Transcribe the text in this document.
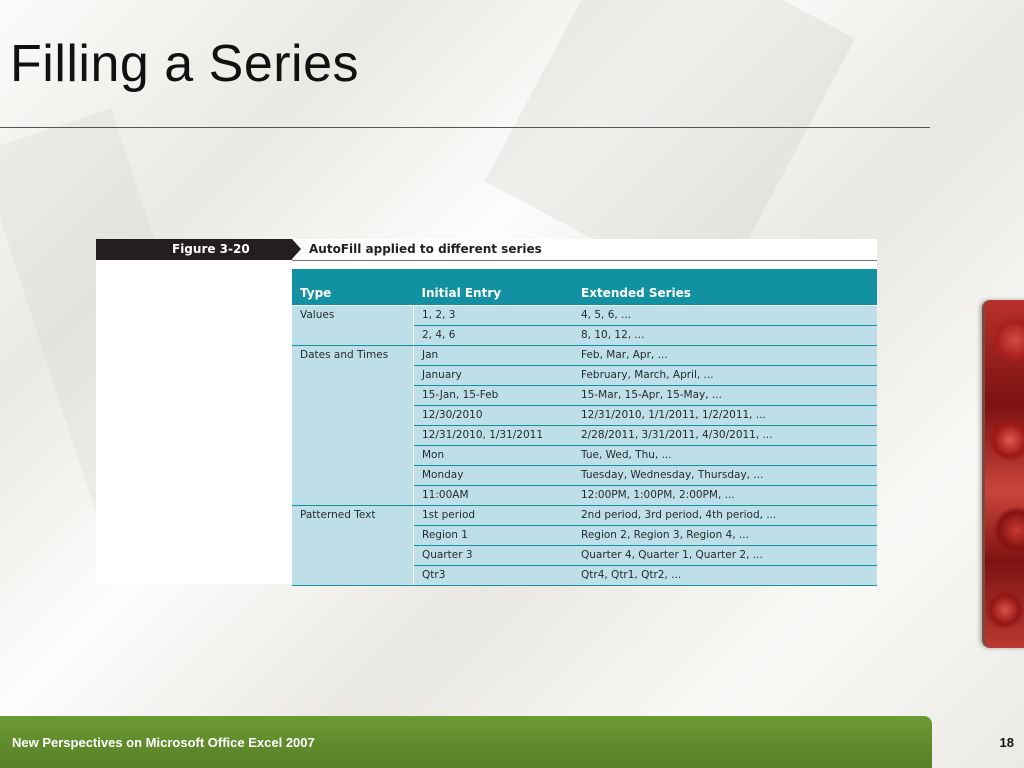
Filling a Series
Figure 3-20	AutoFill applied to different series
Type	Initial Entry	Extended Series
Values	1, 2, 3	4, 5, 6, ...
	2, 4, 6	8, 10, 12, ...
Dates and Times	Jan	Feb, Mar, Apr, ...
	January	February, March, April, ...
	15-Jan, 15-Feb	15-Mar, 15-Apr, 15-May, ...
	12/30/2010	12/31/2010, 1/1/2011, 1/2/2011, ...
	12/31/2010, 1/31/2011	2/28/2011, 3/31/2011, 4/30/2011, ...
	Mon	Tue, Wed, Thu, ...
	Monday	Tuesday, Wednesday, Thursday, ...
	11:00AM	12:00PM, 1:00PM, 2:00PM, ...
Patterned Text	1st period	2nd period, 3rd period, 4th period, ...
	Region 1	Region 2, Region 3, Region 4, ...
	Quarter 3	Quarter 4, Quarter 1, Quarter 2, ...
	Qtr3	Qtr4, Qtr1, Qtr2, ...
New Perspectives on Microsoft Office Excel 2007	18
